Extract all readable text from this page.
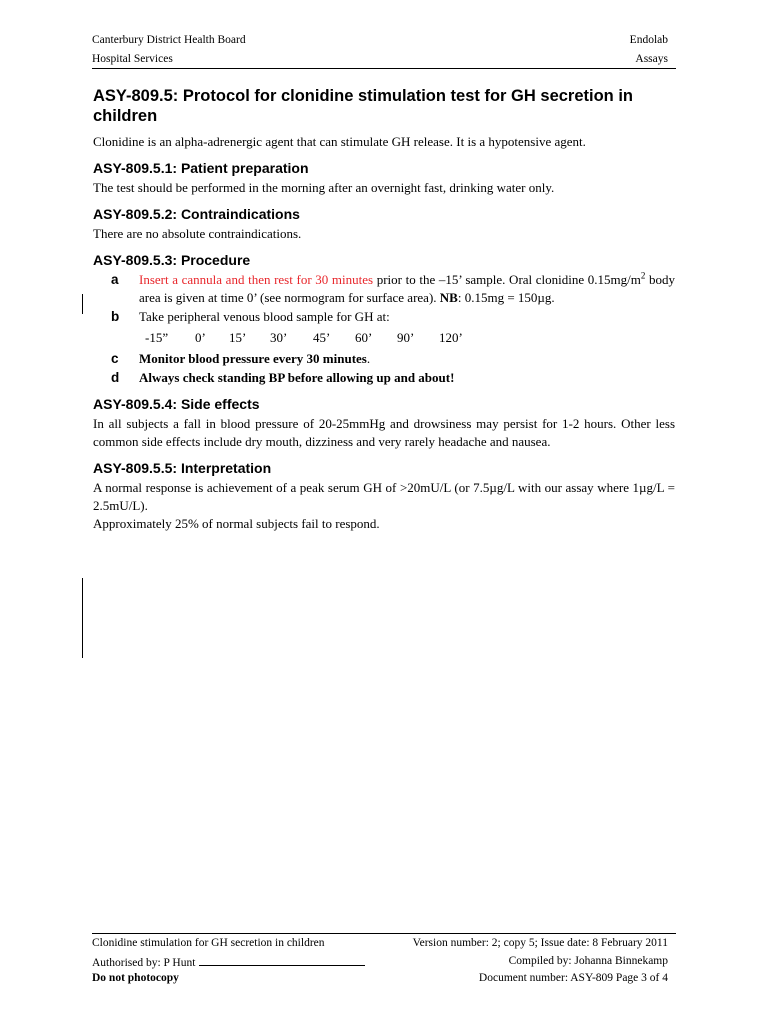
Canterbury District Health Board	Endolab
Hospital Services	Assays
ASY-809.5: Protocol for clonidine stimulation test for GH secretion in children

Clonidine is an alpha-adrenergic agent that can stimulate GH release. It is a hypotensive agent.

ASY-809.5.1: Patient preparation

The test should be performed in the morning after an overnight fast, drinking water only.

ASY-809.5.2: Contraindications

There are no absolute contraindications.

ASY-809.5.3: Procedure
a Insert a cannula and then rest for 30 minutes prior to the –15’ sample. Oral clonidine $0.15mg/m^2$ body area is given at time 0’ (see normogram for surface area). NB: 0.15mg = 150µg.
b Take peripheral venous blood sample for GH at:
-15” 0’ 15’ 30’ 45’ 60’ 90’ 120’
c Monitor blood pressure every 30 minutes.
d Always check standing BP before allowing up and about!
ASY-809.5.4: Side effects

In all subjects a fall in blood pressure of 20-25mmHg and drowsiness may persist for 1-2 hours. Other less common side effects include dry mouth, dizziness and very rarely headache and nausea.

ASY-809.5.5: Interpretation

A normal response is achievement of a peak serum GH of >20mU/L (or 7.5µg/L with our assay where 1µg/L = 2.5mU/L).

Approximately 25% of normal subjects fail to respond.

Clonidine stimulation for GH secretion in children	Version number: 2; copy 5; Issue date: 8 February 2011
Authorised by: P Hunt	Compiled by: Johanna Binnekamp
Do not photocopy	Document number: ASY-809 Page 3 of 4
